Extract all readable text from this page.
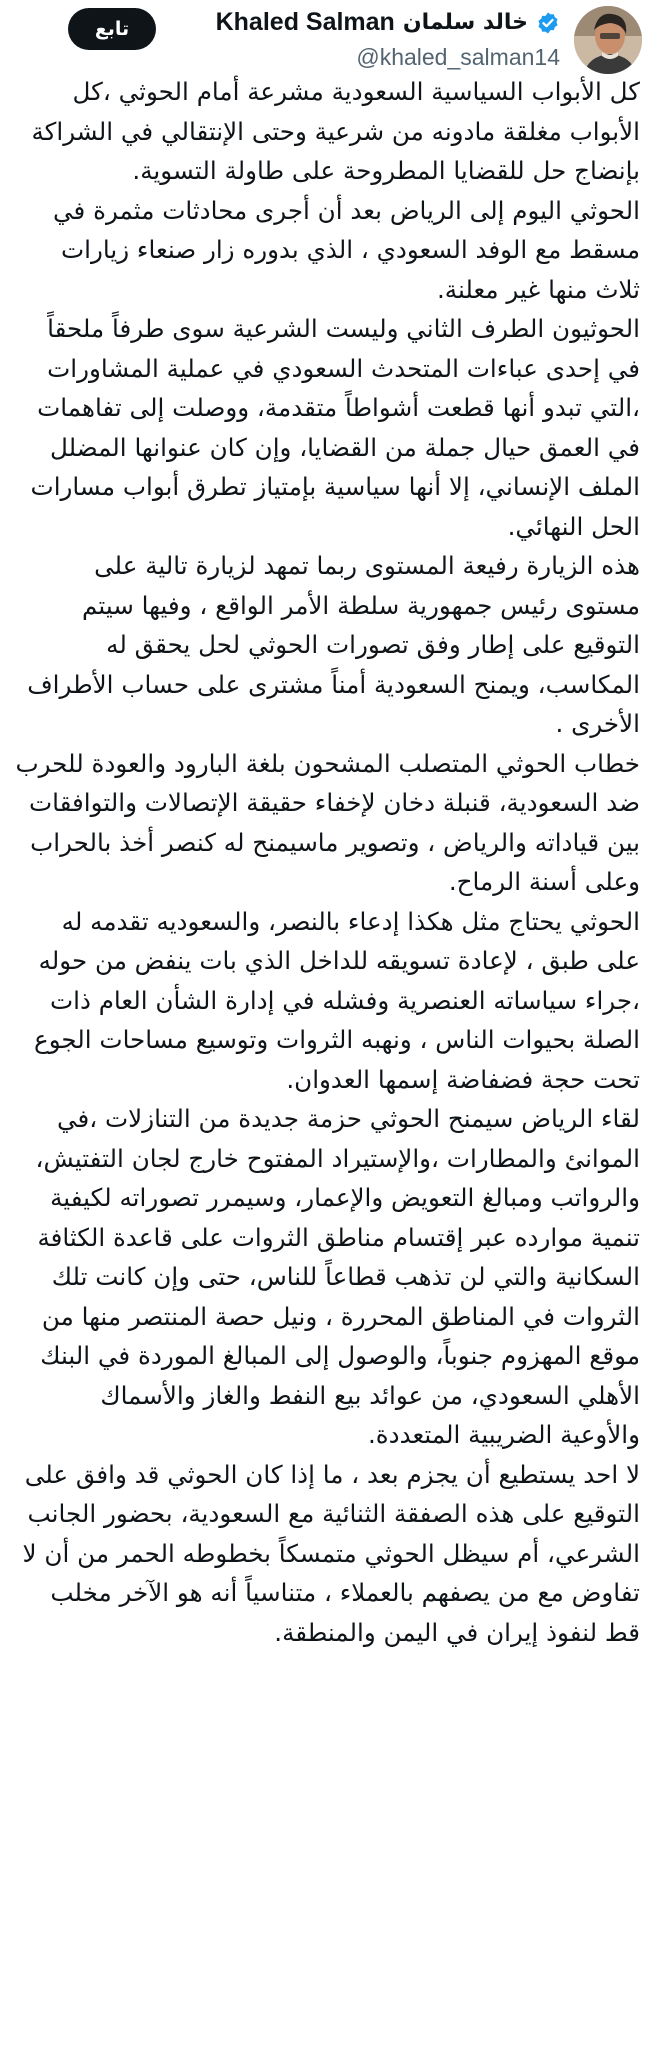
خالد سلمان
Khaled Salman
@khaled_salman14
تابع

كل الأبواب السياسية السعودية مشرعة أمام الحوثي ،كل الأبواب مغلقة مادونه من شرعية وحتى الإنتقالي في الشراكة بإنضاج حل للقضايا المطروحة على طاولة التسوية.

الحوثي اليوم إلى الرياض بعد أن أجرى محادثات مثمرة في مسقط مع الوفد السعودي ، الذي بدوره زار صنعاء زيارات ثلاث منها غير معلنة.

الحوثيون الطرف الثاني وليست الشرعية سوى طرفاً ملحقاً في إحدى عباءات المتحدث السعودي في عملية المشاورات ،التي تبدو أنها قطعت أشواطاً متقدمة، ووصلت إلى تفاهمات في العمق حيال جملة من القضايا، وإن كان عنوانها المضلل الملف الإنساني، إلا أنها سياسية بإمتياز تطرق أبواب مسارات الحل النهائي.

هذه الزيارة رفيعة المستوى ربما تمهد لزيارة تالية على مستوى رئيس جمهورية سلطة الأمر الواقع ، وفيها سيتم التوقيع على إطار وفق تصورات الحوثي لحل يحقق له المكاسب، ويمنح السعودية أمناً مشترى على حساب الأطراف الأخرى .

خطاب الحوثي المتصلب المشحون بلغة البارود والعودة للحرب ضد السعودية، قنبلة دخان لإخفاء حقيقة الإتصالات والتوافقات بين قياداته والرياض ، وتصوير ماسيمنح له كنصر أخذ بالحراب وعلى أسنة الرماح.

الحوثي يحتاج مثل هكذا إدعاء بالنصر، والسعوديه تقدمه له على طبق ، لإعادة تسويقه للداخل الذي بات ينفض من حوله ،جراء سياساته العنصرية وفشله في إدارة الشأن العام ذات الصلة بحيوات الناس ، ونهبه الثروات وتوسيع مساحات الجوع تحت حجة فضفاضة إسمها العدوان.

لقاء الرياض سيمنح الحوثي حزمة جديدة من التنازلات ،في الموانئ والمطارات ،والإستيراد المفتوح خارج لجان التفتيش، والرواتب ومبالغ التعويض والإعمار، وسيمرر تصوراته لكيفية تنمية موارده عبر إقتسام مناطق الثروات على قاعدة الكثافة السكانية والتي لن تذهب قطاعاً للناس، حتى وإن كانت تلك الثروات في المناطق المحررة ، ونيل حصة المنتصر منها من موقع المهزوم جنوباً، والوصول إلى المبالغ الموردة في البنك الأهلي السعودي، من عوائد بيع النفط والغاز والأسماك والأوعية الضريبية المتعددة.

لا احد يستطيع أن يجزم بعد ، ما إذا كان الحوثي قد وافق على التوقيع على هذه الصفقة الثنائية مع السعودية، بحضور الجانب الشرعي، أم سيظل الحوثي متمسكاً بخطوطه الحمر من أن لا تفاوض مع من يصفهم بالعملاء ، متناسياً أنه هو الآخر مخلب قط لنفوذ إيران في اليمن والمنطقة.
